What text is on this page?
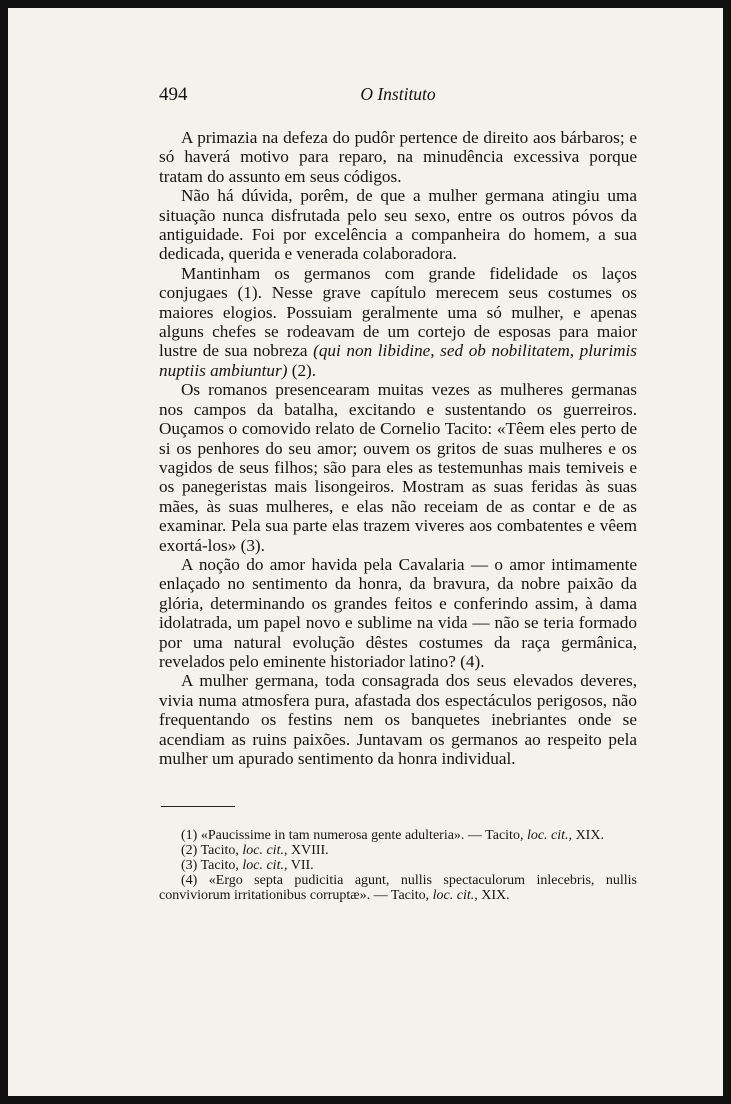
494	O Instituto

A primazia na defeza do pudôr pertence de direito aos bárbaros; e só haverá motivo para reparo, na minudência excessiva porque tratam do assunto em seus códigos.

Não há dúvida, porêm, de que a mulher germana atingiu uma situação nunca disfrutada pelo seu sexo, entre os outros póvos da antiguidade. Foi por excelência a companheira do homem, a sua dedicada, querida e venerada colaboradora.

Mantinham os germanos com grande fidelidade os laços conjugaes (1). Nesse grave capítulo merecem seus costumes os maiores elogios. Possuiam geralmente uma só mulher, e apenas alguns chefes se rodeavam de um cortejo de esposas para maior lustre de sua nobreza (qui non libidine, sed ob nobilitatem, plurimis nuptiis ambiuntur) (2).

Os romanos presencearam muitas vezes as mulheres germanas nos campos da batalha, excitando e sustentando os guerreiros. Ouçamos o comovido relato de Cornelio Tacito: «Têem eles perto de si os penhores do seu amor; ouvem os gritos de suas mulheres e os vagidos de seus filhos; são para eles as testemunhas mais temiveis e os panegeristas mais lisongeiros. Mostram as suas feridas às suas mães, às suas mulheres, e elas não receiam de as contar e de as examinar. Pela sua parte elas trazem viveres aos combatentes e vêem exortá-los» (3).

A noção do amor havida pela Cavalaria — o amor intimamente enlaçado no sentimento da honra, da bravura, da nobre paixão da glória, determinando os grandes feitos e conferindo assim, à dama idolatrada, um papel novo e sublime na vida — não se teria formado por uma natural evolução dêstes costumes da raça germânica, revelados pelo eminente historiador latino? (4).

A mulher germana, toda consagrada dos seus elevados deveres, vivia numa atmosfera pura, afastada dos espectáculos perigosos, não frequentando os festins nem os banquetes inebriantes onde se acendiam as ruins paixões. Juntavam os germanos ao respeito pela mulher um apurado sentimento da honra individual.

(1) «Paucissime in tam numerosa gente adulteria». — Tacito, loc. cit., XIX.

(2) Tacito, loc. cit., XVIII.

(3) Tacito, loc. cit., VII.

(4) «Ergo septa pudicitia agunt, nullis spectaculorum inlecebris, nullis conviviorum irritationibus corruptæ». — Tacito, loc. cit., XIX.
